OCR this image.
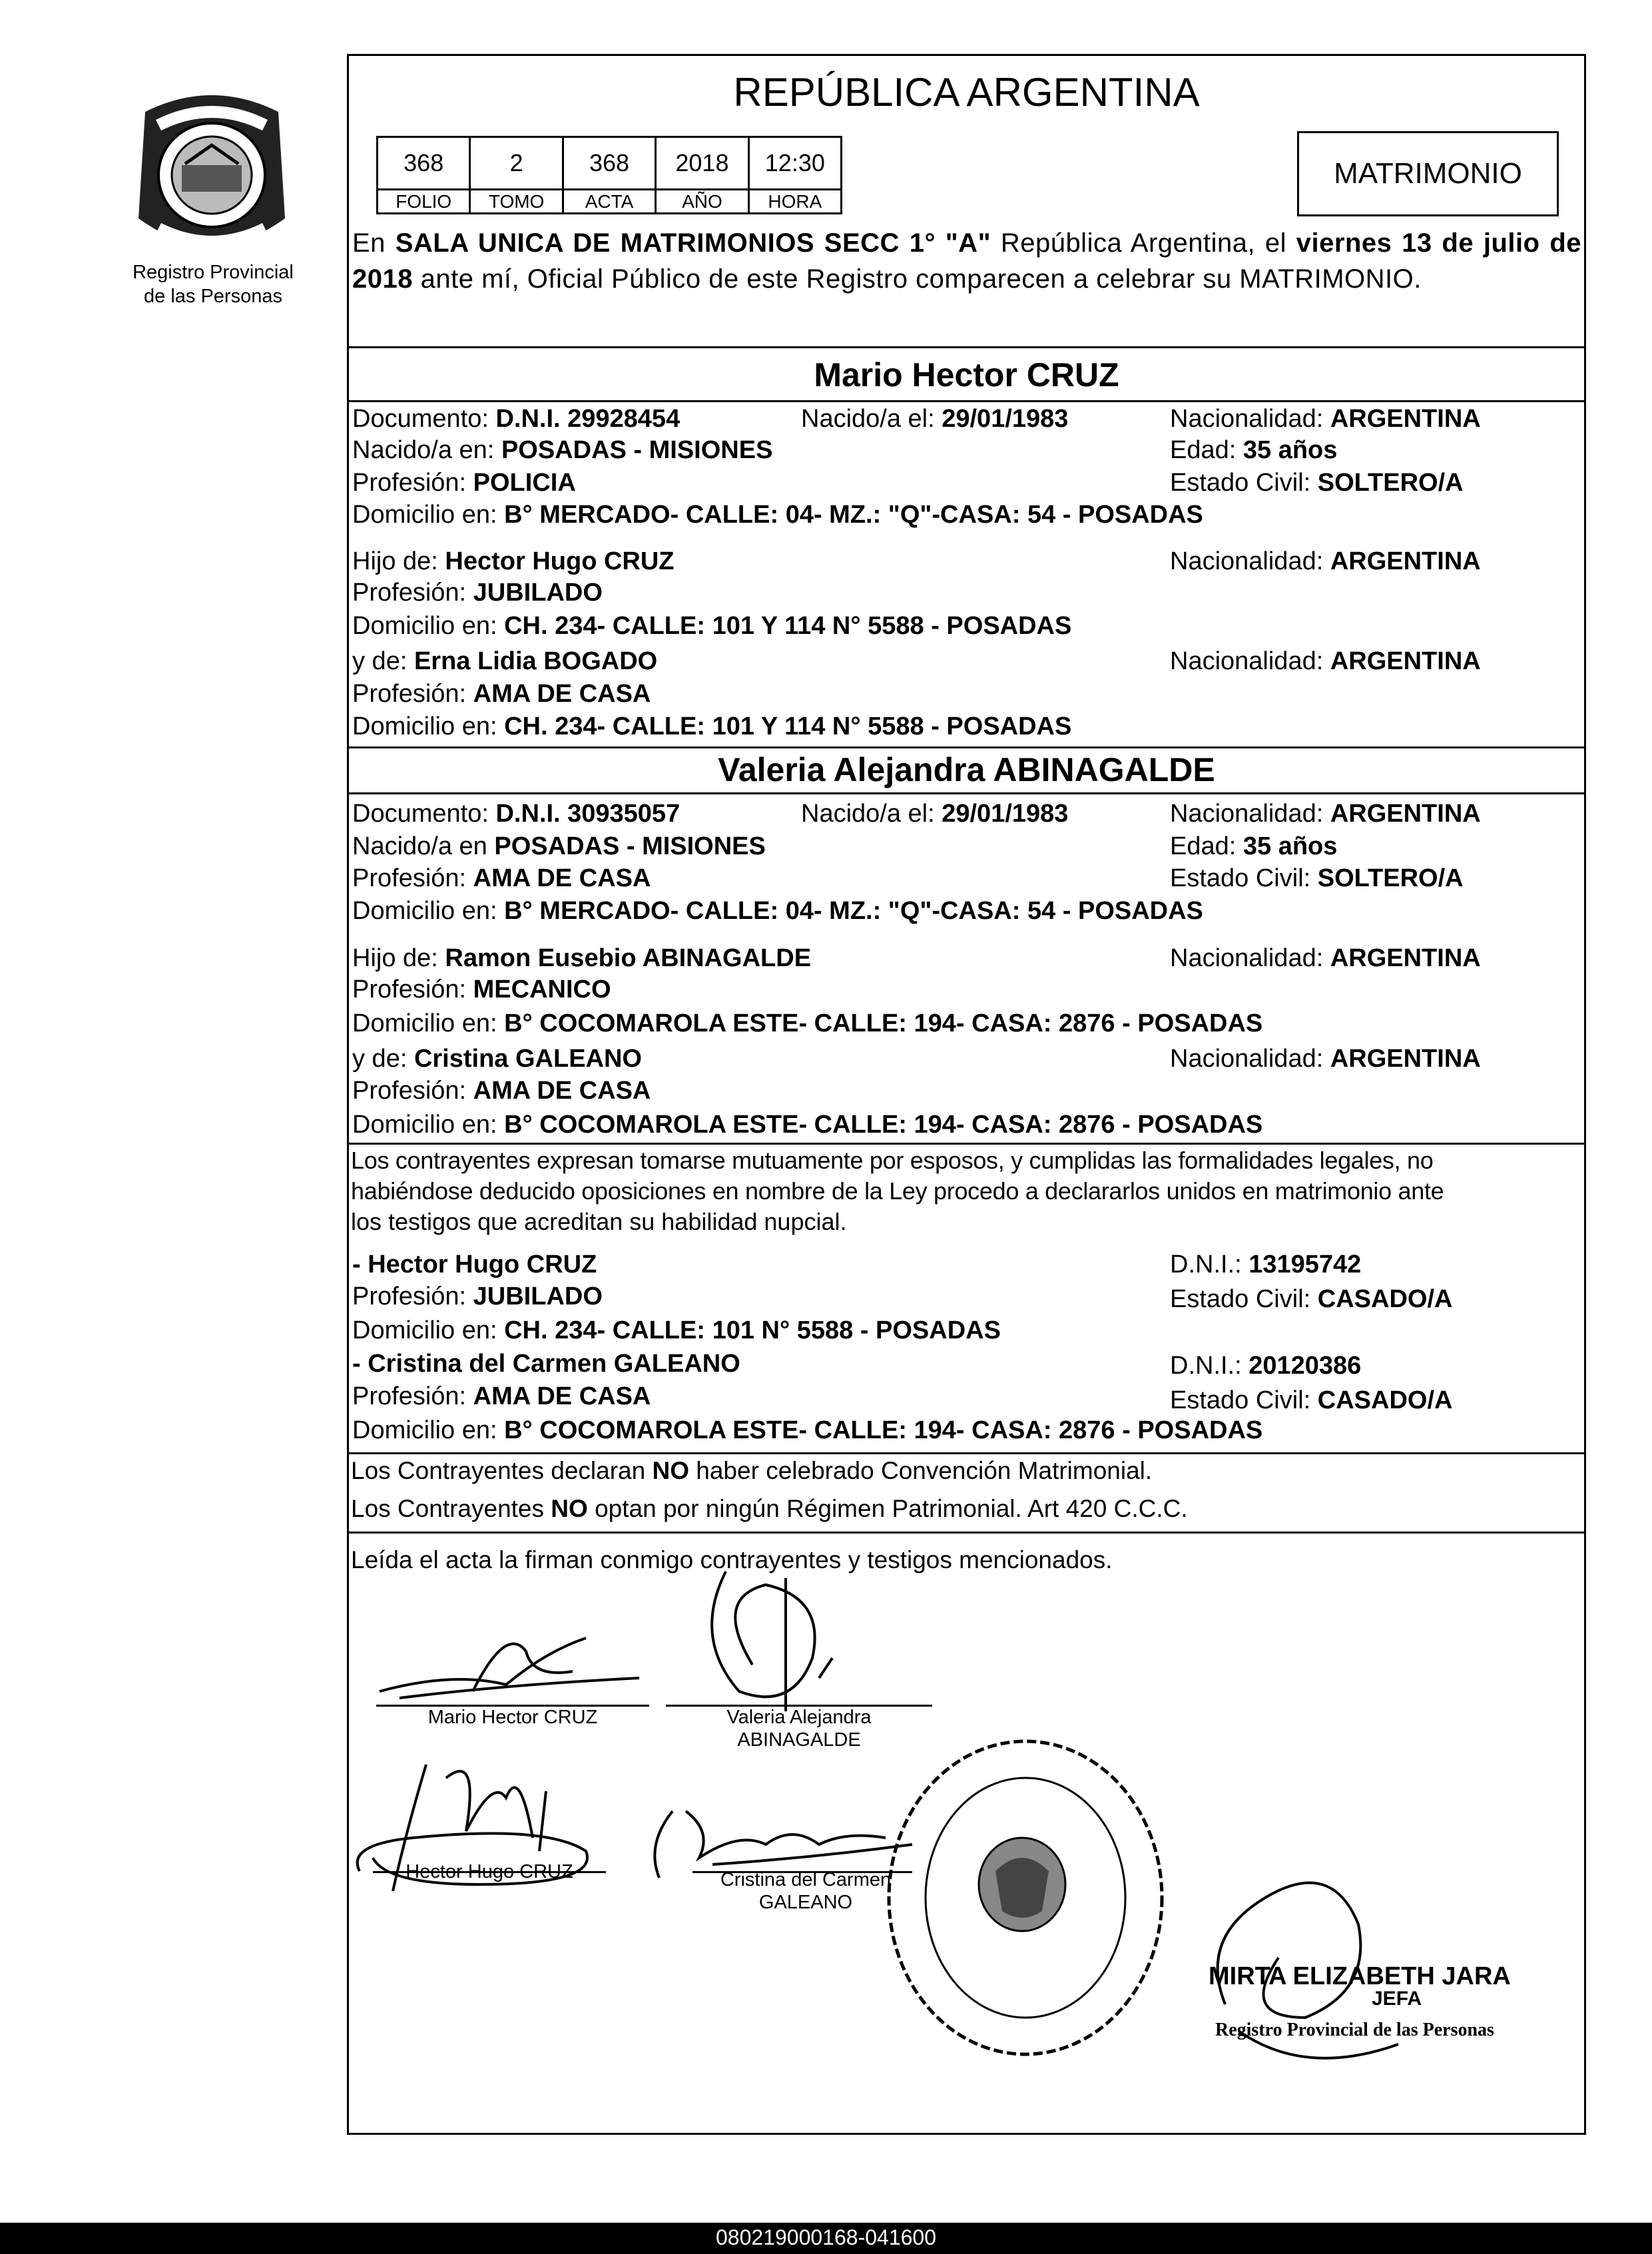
Registro Provincial
de las Personas
REPÚBLICA ARGENTINA
368	2	368	2018	12:30
FOLIO	TOMO	ACTA	AÑO	HORA
MATRIMONIO
En SALA UNICA DE MATRIMONIOS SECC 1° "A" República Argentina, el viernes 13 de julio de 2018 ante mí, Oficial Público de este Registro comparecen a celebrar su MATRIMONIO.
Mario Hector CRUZ
Documento: D.N.I. 29928454	Nacido/a el: 29/01/1983	Nacionalidad: ARGENTINA
Nacido/a en: POSADAS - MISIONES	Edad: 35 años
Profesión: POLICIA	Estado Civil: SOLTERO/A
Domicilio en: B° MERCADO- CALLE: 04- MZ.: "Q"-CASA: 54 - POSADAS
Hijo de: Hector Hugo CRUZ	Nacionalidad: ARGENTINA
Profesión: JUBILADO
Domicilio en: CH. 234- CALLE: 101 Y 114 N° 5588 - POSADAS
y de: Erna Lidia BOGADO	Nacionalidad: ARGENTINA
Profesión: AMA DE CASA
Domicilio en: CH. 234- CALLE: 101 Y 114 N° 5588 - POSADAS
Valeria Alejandra ABINAGALDE
Documento: D.N.I. 30935057	Nacido/a el: 29/01/1983	Nacionalidad: ARGENTINA
Nacido/a en POSADAS - MISIONES	Edad: 35 años
Profesión: AMA DE CASA	Estado Civil: SOLTERO/A
Domicilio en: B° MERCADO- CALLE: 04- MZ.: "Q"-CASA: 54 - POSADAS
Hijo de: Ramon Eusebio ABINAGALDE	Nacionalidad: ARGENTINA
Profesión: MECANICO
Domicilio en: B° COCOMAROLA ESTE- CALLE: 194- CASA: 2876 - POSADAS
y de: Cristina GALEANO	Nacionalidad: ARGENTINA
Profesión: AMA DE CASA
Domicilio en: B° COCOMAROLA ESTE- CALLE: 194- CASA: 2876 - POSADAS
Los contrayentes expresan tomarse mutuamente por esposos, y cumplidas las formalidades legales, no
habiéndose deducido oposiciones en nombre de la Ley procedo a declararlos unidos en matrimonio ante
los testigos que acreditan su habilidad nupcial.
- Hector Hugo CRUZ	D.N.I.: 13195742
Profesión: JUBILADO	Estado Civil: CASADO/A
Domicilio en: CH. 234- CALLE: 101 N° 5588 - POSADAS
- Cristina del Carmen GALEANO	D.N.I.: 20120386
Profesión: AMA DE CASA	Estado Civil: CASADO/A
Domicilio en: B° COCOMAROLA ESTE- CALLE: 194- CASA: 2876 - POSADAS
Los Contrayentes declaran NO haber celebrado Convención Matrimonial.
Los Contrayentes NO optan por ningún Régimen Patrimonial. Art 420 C.C.C.
Leída el acta la firman conmigo contrayentes y testigos mencionados.
Mario Hector CRUZ	Valeria Alejandra
ABINAGALDE
Hector Hugo CRUZ	Cristina del Carmen
GALEANO
MIRTA ELIZABETH JARA
JEFA
Registro Provincial de las Personas
080219000168-041600
